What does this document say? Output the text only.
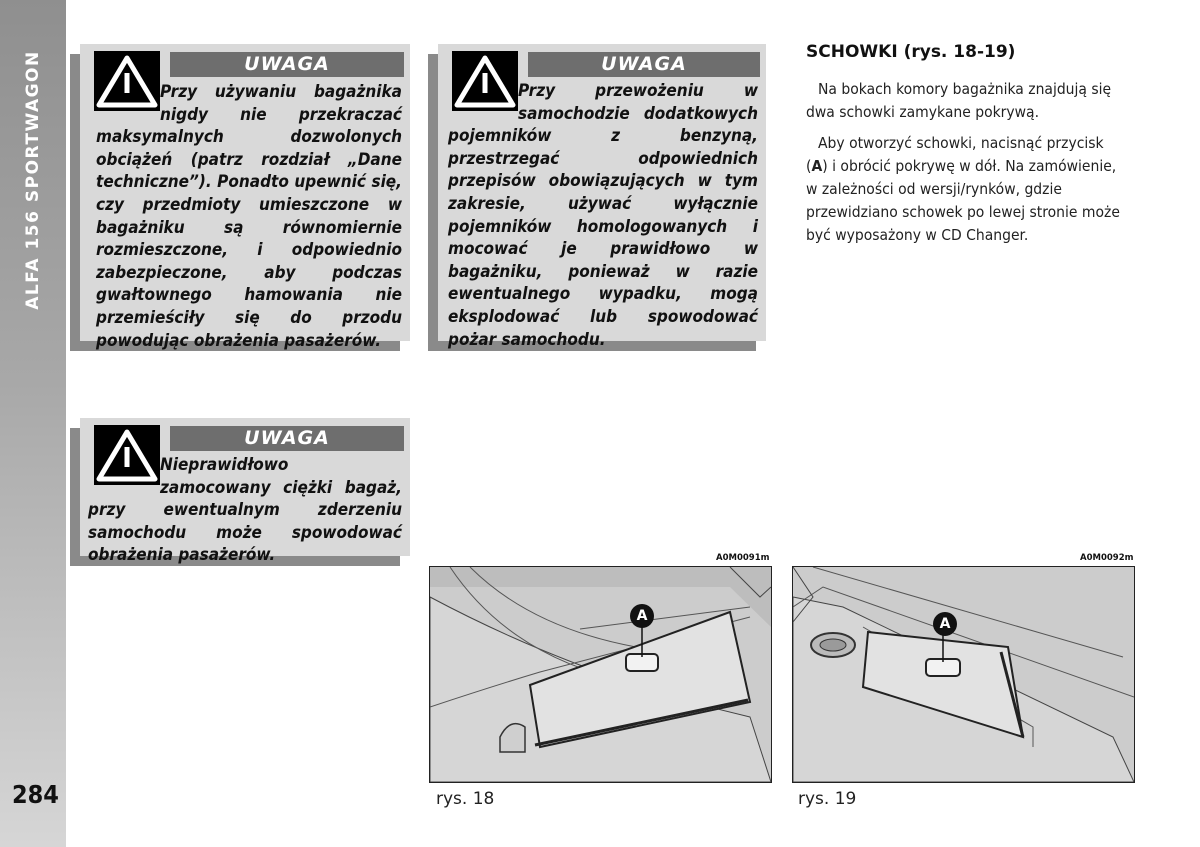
ALFA 156 SPORTWAGON
284
UWAGA
Przy używaniu bagażnika nigdy nie przekraczać maksymalnych dozwolonych obciążeń (patrz rozdział „Dane techniczne”). Ponadto upewnić się, czy przedmioty umieszczone w bagażniku są równomiernie rozmieszczone, i odpowiednio zabezpieczone, aby podczas gwałtownego hamowania nie przemieściły się do przodu powodując obrażenia pasażerów.
UWAGA
Przy przewożeniu w samochodzie dodatkowych pojemników z benzyną, przestrzegać odpowiednich przepisów obowiązujących w tym zakresie, używać wyłącznie pojemników homologowanych i mocować je prawidłowo w bagażniku, ponieważ w razie ewentualnego wypadku, mogą eksplodować lub spowodować pożar samochodu.
UWAGA
Nieprawidłowo zamocowany ciężki bagaż, przy ewentualnym zderzeniu samochodu może spowodować obrażenia pasażerów.
SCHOWKI (rys. 18-19)
Na bokach komory bagażnika znajdują się dwa schowki zamykane pokrywą.
Aby otworzyć schowki, nacisnąć przycisk (A) i obrócić pokrywę w dół. Na zamówienie, w zależności od wersji/rynków, gdzie przewidziano schowek po lewej stronie może być wyposażony w CD Changer.
A0M0091m
A
rys. 18
A0M0092m
A
rys. 19
